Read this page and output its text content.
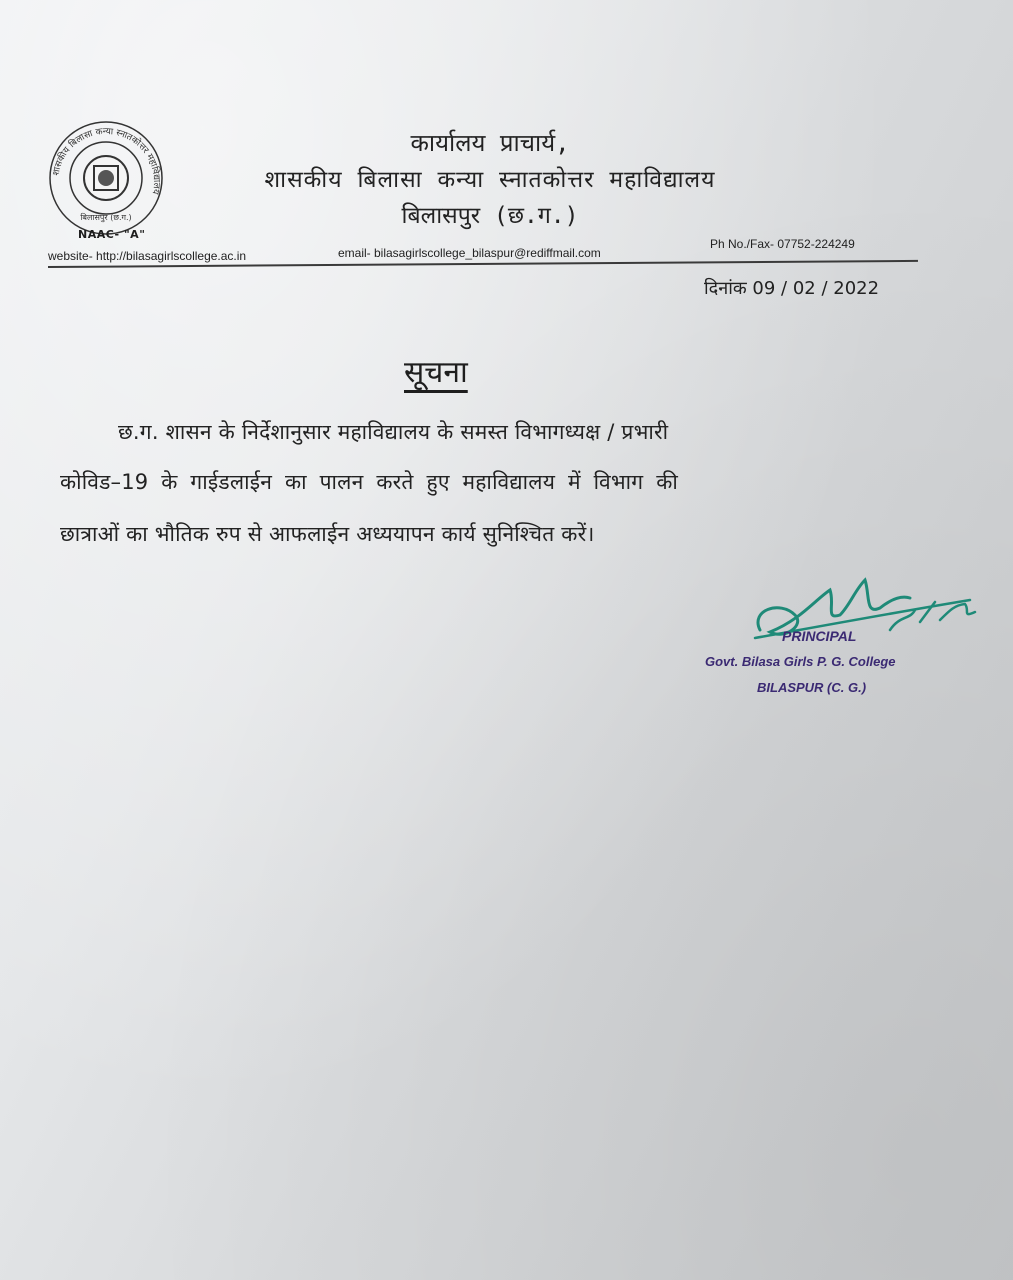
शासकीय बिलासा कन्या स्नातकोत्तर महाविद्यालय
बिलासपुर (छ.ग.)
NAAC- "A"
कार्यालय प्राचार्य,
शासकीय बिलासा कन्या स्नातकोत्तर महाविद्यालय
बिलासपुर (छ.ग.)
website- http://bilasagirlscollege.ac.in	email- bilasagirlscollege_bilaspur@rediffmail.com
Ph No./Fax- 07752-224249
दिनांक 09 / 02 / 2022
सूचना
छ.ग. शासन के निर्देशानुसार महाविद्यालय के समस्त विभागध्यक्ष / प्रभारी
कोविड–19 के गाईडलाईन का पालन करते हुए महाविद्यालय में विभाग की
छात्राओं का भौतिक रुप से आफलाईन अध्ययापन कार्य सुनिश्चित करें।
PRINCIPAL
Govt. Bilasa Girls P. G. College
BILASPUR (C. G.)
